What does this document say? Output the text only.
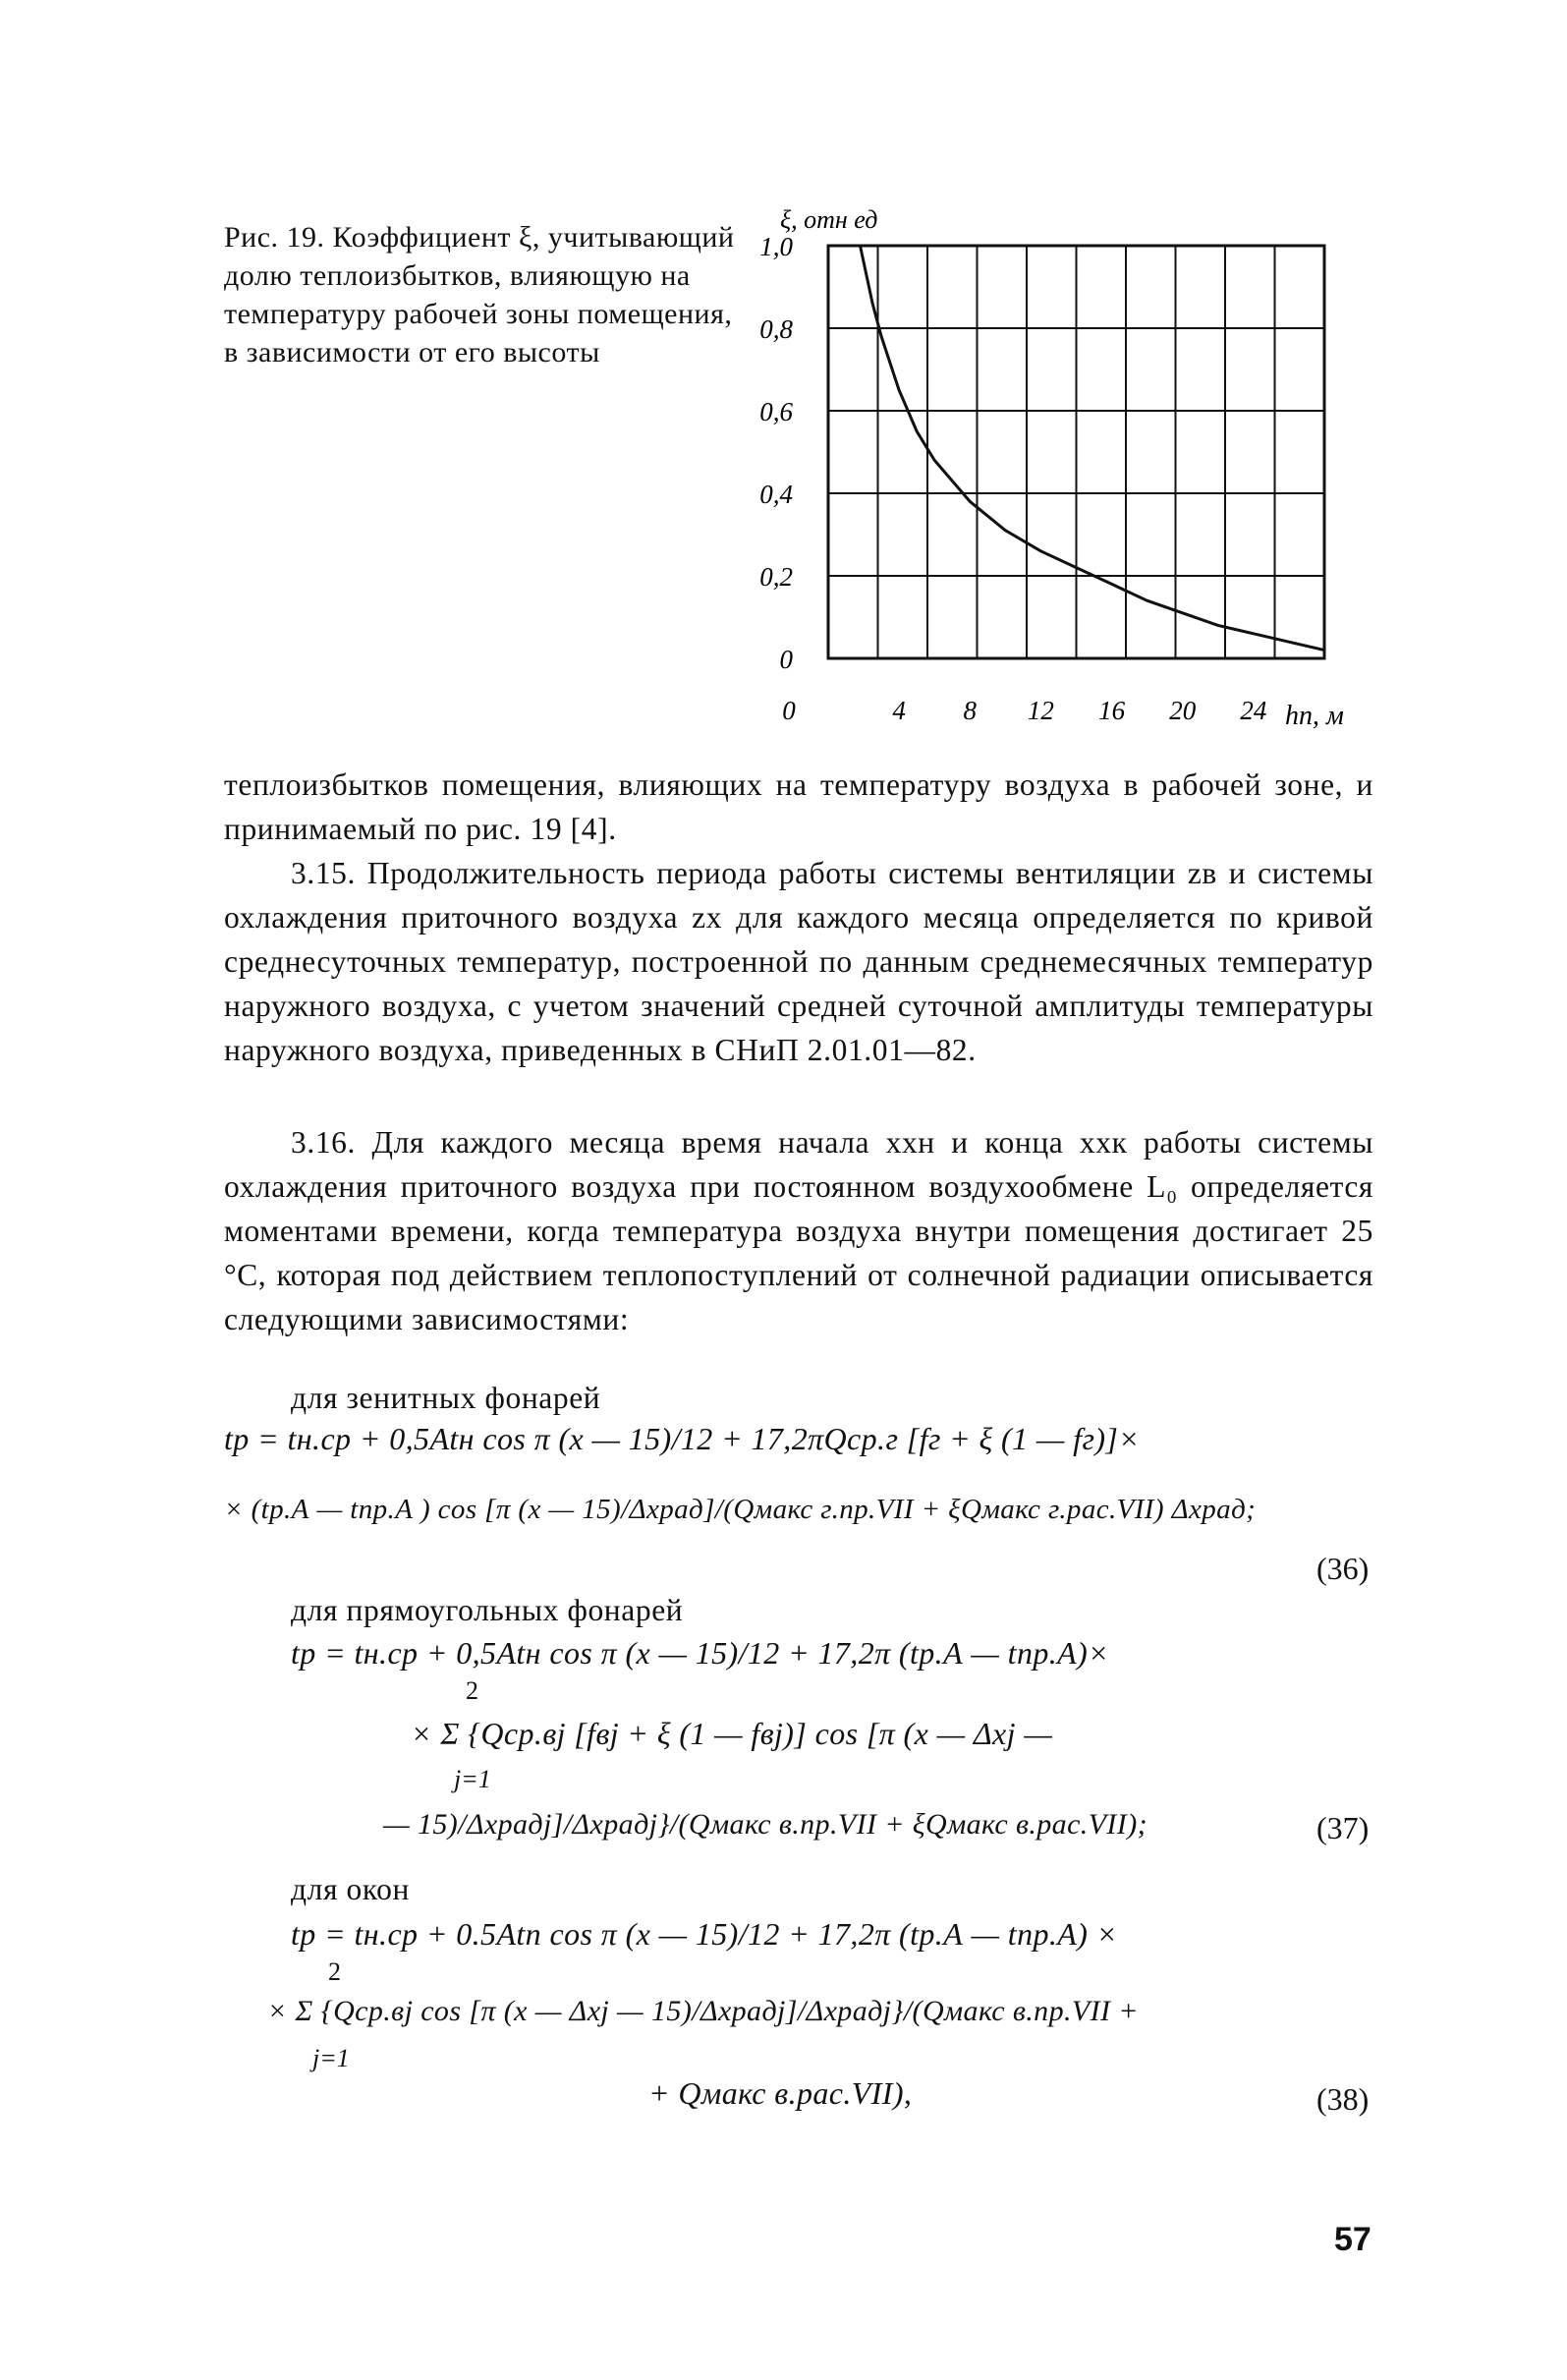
Рис. 19. Коэффициент ξ, учитывающий долю теплоизбытков, влияющую на температуру рабочей зоны помещения, в зависимости от его высоты
0
0,2
0,4
0,6
0,8
1,0
0	4 8 12 16 20 24
ξ, отн ед
hп, м
теплоизбытков помещения, влияющих на температуру воздуха в рабочей зоне, и принимаемый по рис. 19 [4].
3.15. Продолжительность периода работы системы вентиляции zв и системы охлаждения приточного воздуха zх для каждого месяца определяется по кривой среднесуточных температур, построенной по данным среднемесячных температур наружного воздуха, с учетом значений средней суточной амплитуды температуры наружного воздуха, приведенных в СНиП 2.01.01—82.
3.16. Для каждого месяца время начала xхн и конца xхк работы системы охлаждения приточного воздуха при постоянном воздухообмене L₀ определяется моментами времени, когда температура воздуха внутри помещения достигает 25 °C, которая под действием теплопоступлений от солнечной радиации описывается следующими зависимостями:
для зенитных фонарей
tр = tн.ср + 0,5Atн cos π (x — 15)/12 + 17,2πQср.г [fг + ξ (1 — fг)]×
× (tр.А — tпр.А ) cos [π (x — 15)/Δxрад]/(Qмакс г.пр.VII + ξQмакс г.рас.VII) Δxрад;
(36)
для прямоугольных фонарей
tр = tн.ср + 0,5Atн cos π (x — 15)/12 + 17,2π (tр.А — tпр.А)×
2
× Σ {Qср.вj [fвj + ξ (1 — fвj)] cos [π (x — Δxj —
j=1
— 15)/Δxрадj]/Δxрадj}/(Qмакс в.пр.VII + ξQмакс в.рас.VII);	(37)
для окон
tр = tн.ср + 0.5Atп cos π (x — 15)/12 + 17,2π (tр.А — tпр.А) ×
2
× Σ {Qср.вj cos [π (x — Δxj — 15)/Δxрадj]/Δxрадj}/(Qмакс в.пр.VII +
j=1
+ Qмакс в.рас.VII),	(38)
57
